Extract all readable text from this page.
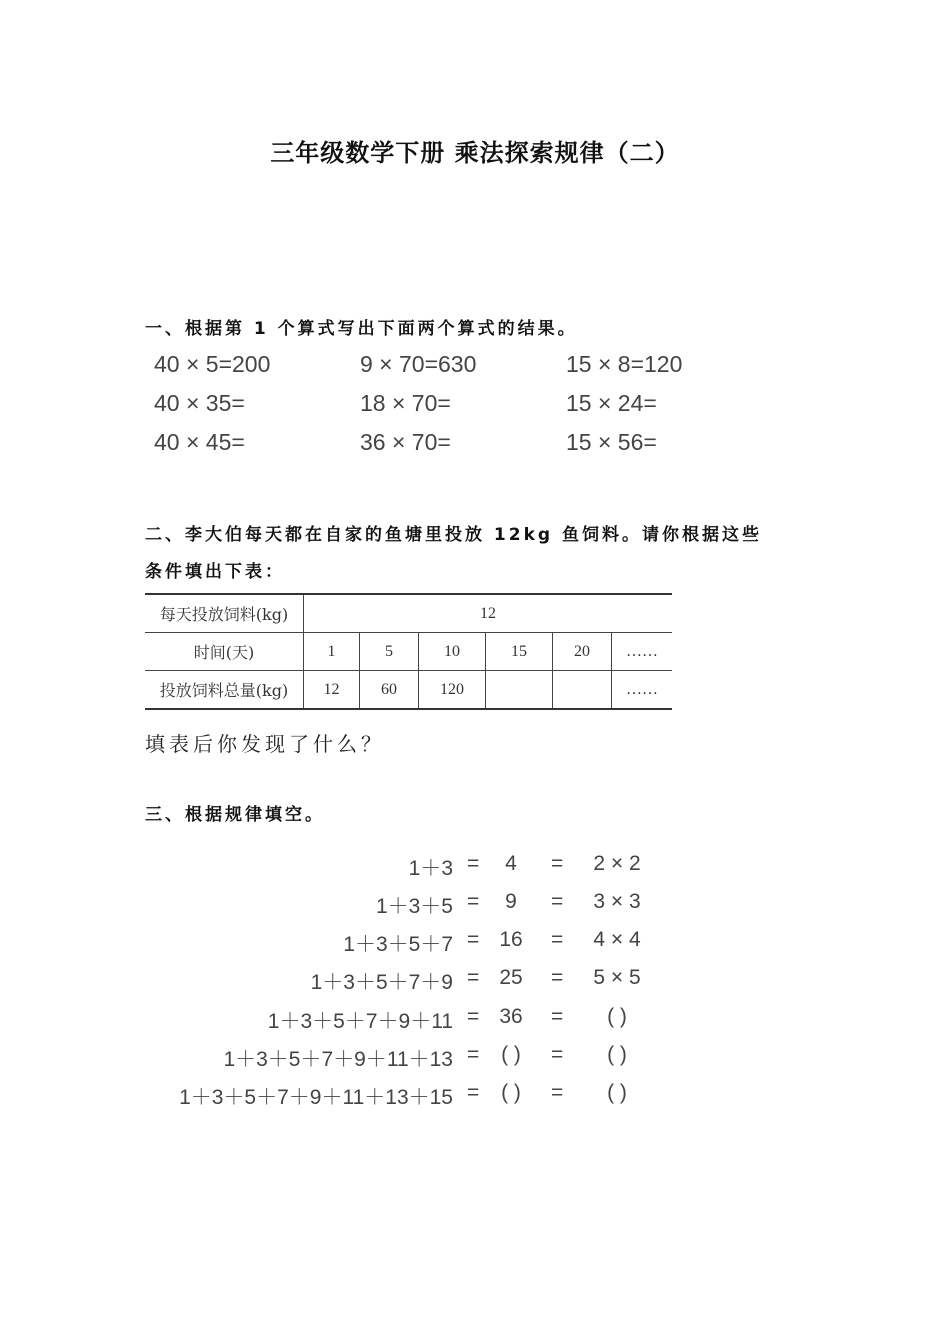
三年级数学下册 乘法探索规律（二）
一、根据第 1 个算式写出下面两个算式的结果。
40 × 5=200	9 × 70=630	15 × 8=120
40 × 35=	18 × 70=	15 × 24=
40 × 45=	36 × 70=	15 × 56=
二、李大伯每天都在自家的鱼塘里投放 12kg 鱼饲料。请你根据这些
条件填出下表：
每天投放饲料(kg)	12					
时间(天)	1	5	10	15	20	……
投放饲料总量(kg)	12	60	120			……
填表后你发现了什么？
三、根据规律填空。
1＋3 =	4	=	2 × 2
1＋3＋5 =	9	=	3 × 3
1＋3＋5＋7 = 16	=	4 × 4
1＋3＋5＋7＋9 = 25	=	5 × 5
1＋3＋5＋7＋9＋11 = 36	=	( )
1＋3＋5＋7＋9＋11＋13 =	( )	=	( )
1＋3＋5＋7＋9＋11＋13＋15 =	( )	=	( )
